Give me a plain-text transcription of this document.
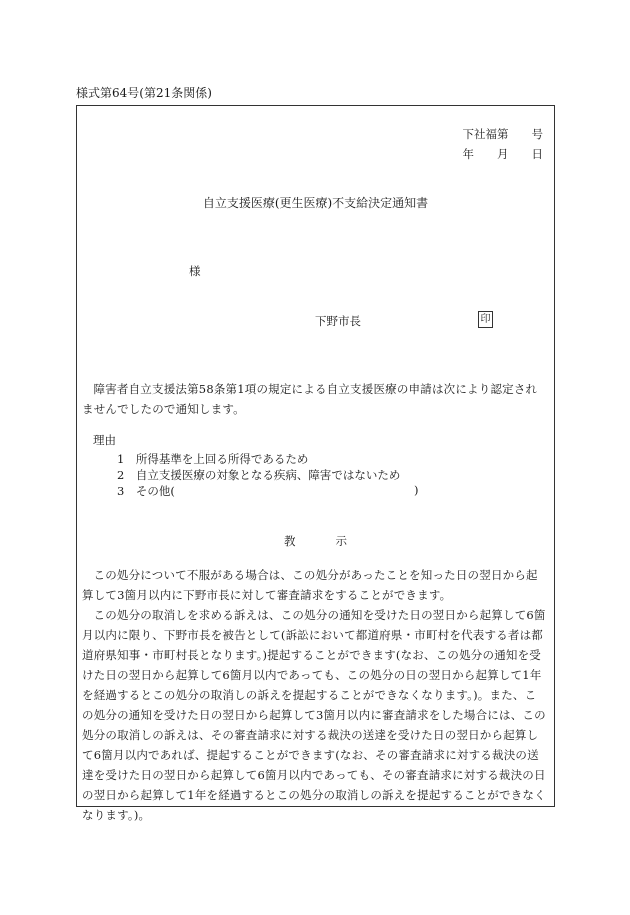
様式第64号(第21条関係)
下社福第　　号
年　　月　　日
自立支援医療(更生医療)不支給決定通知書
様
下野市長	印
障害者自立支援法第58条第1項の規定による自立支援医療の申請は次により認定されませんでしたので通知します。
理由
1　所得基準を上回る所得であるため
2　自立支援医療の対象となる疾病、障害ではないため
3　その他(	)
教	示

この処分について不服がある場合は、この処分があったことを知った日の翌日から起算して3箇月以内に下野市長に対して審査請求をすることができます。

この処分の取消しを求める訴えは、この処分の通知を受けた日の翌日から起算して6箇月以内に限り、下野市長を被告として(訴訟において都道府県・市町村を代表する者は都道府県知事・市町村長となります。)提起することができます(なお、この処分の通知を受けた日の翌日から起算して6箇月以内であっても、この処分の日の翌日から起算して1年を経過するとこの処分の取消しの訴えを提起することができなくなります。)。また、この処分の通知を受けた日の翌日から起算して3箇月以内に審査請求をした場合には、この処分の取消しの訴えは、その審査請求に対する裁決の送達を受けた日の翌日から起算して6箇月以内であれば、提起することができます(なお、その審査請求に対する裁決の送達を受けた日の翌日から起算して6箇月以内であっても、その審査請求に対する裁決の日の翌日から起算して1年を経過するとこの処分の取消しの訴えを提起することができなくなります。)。
